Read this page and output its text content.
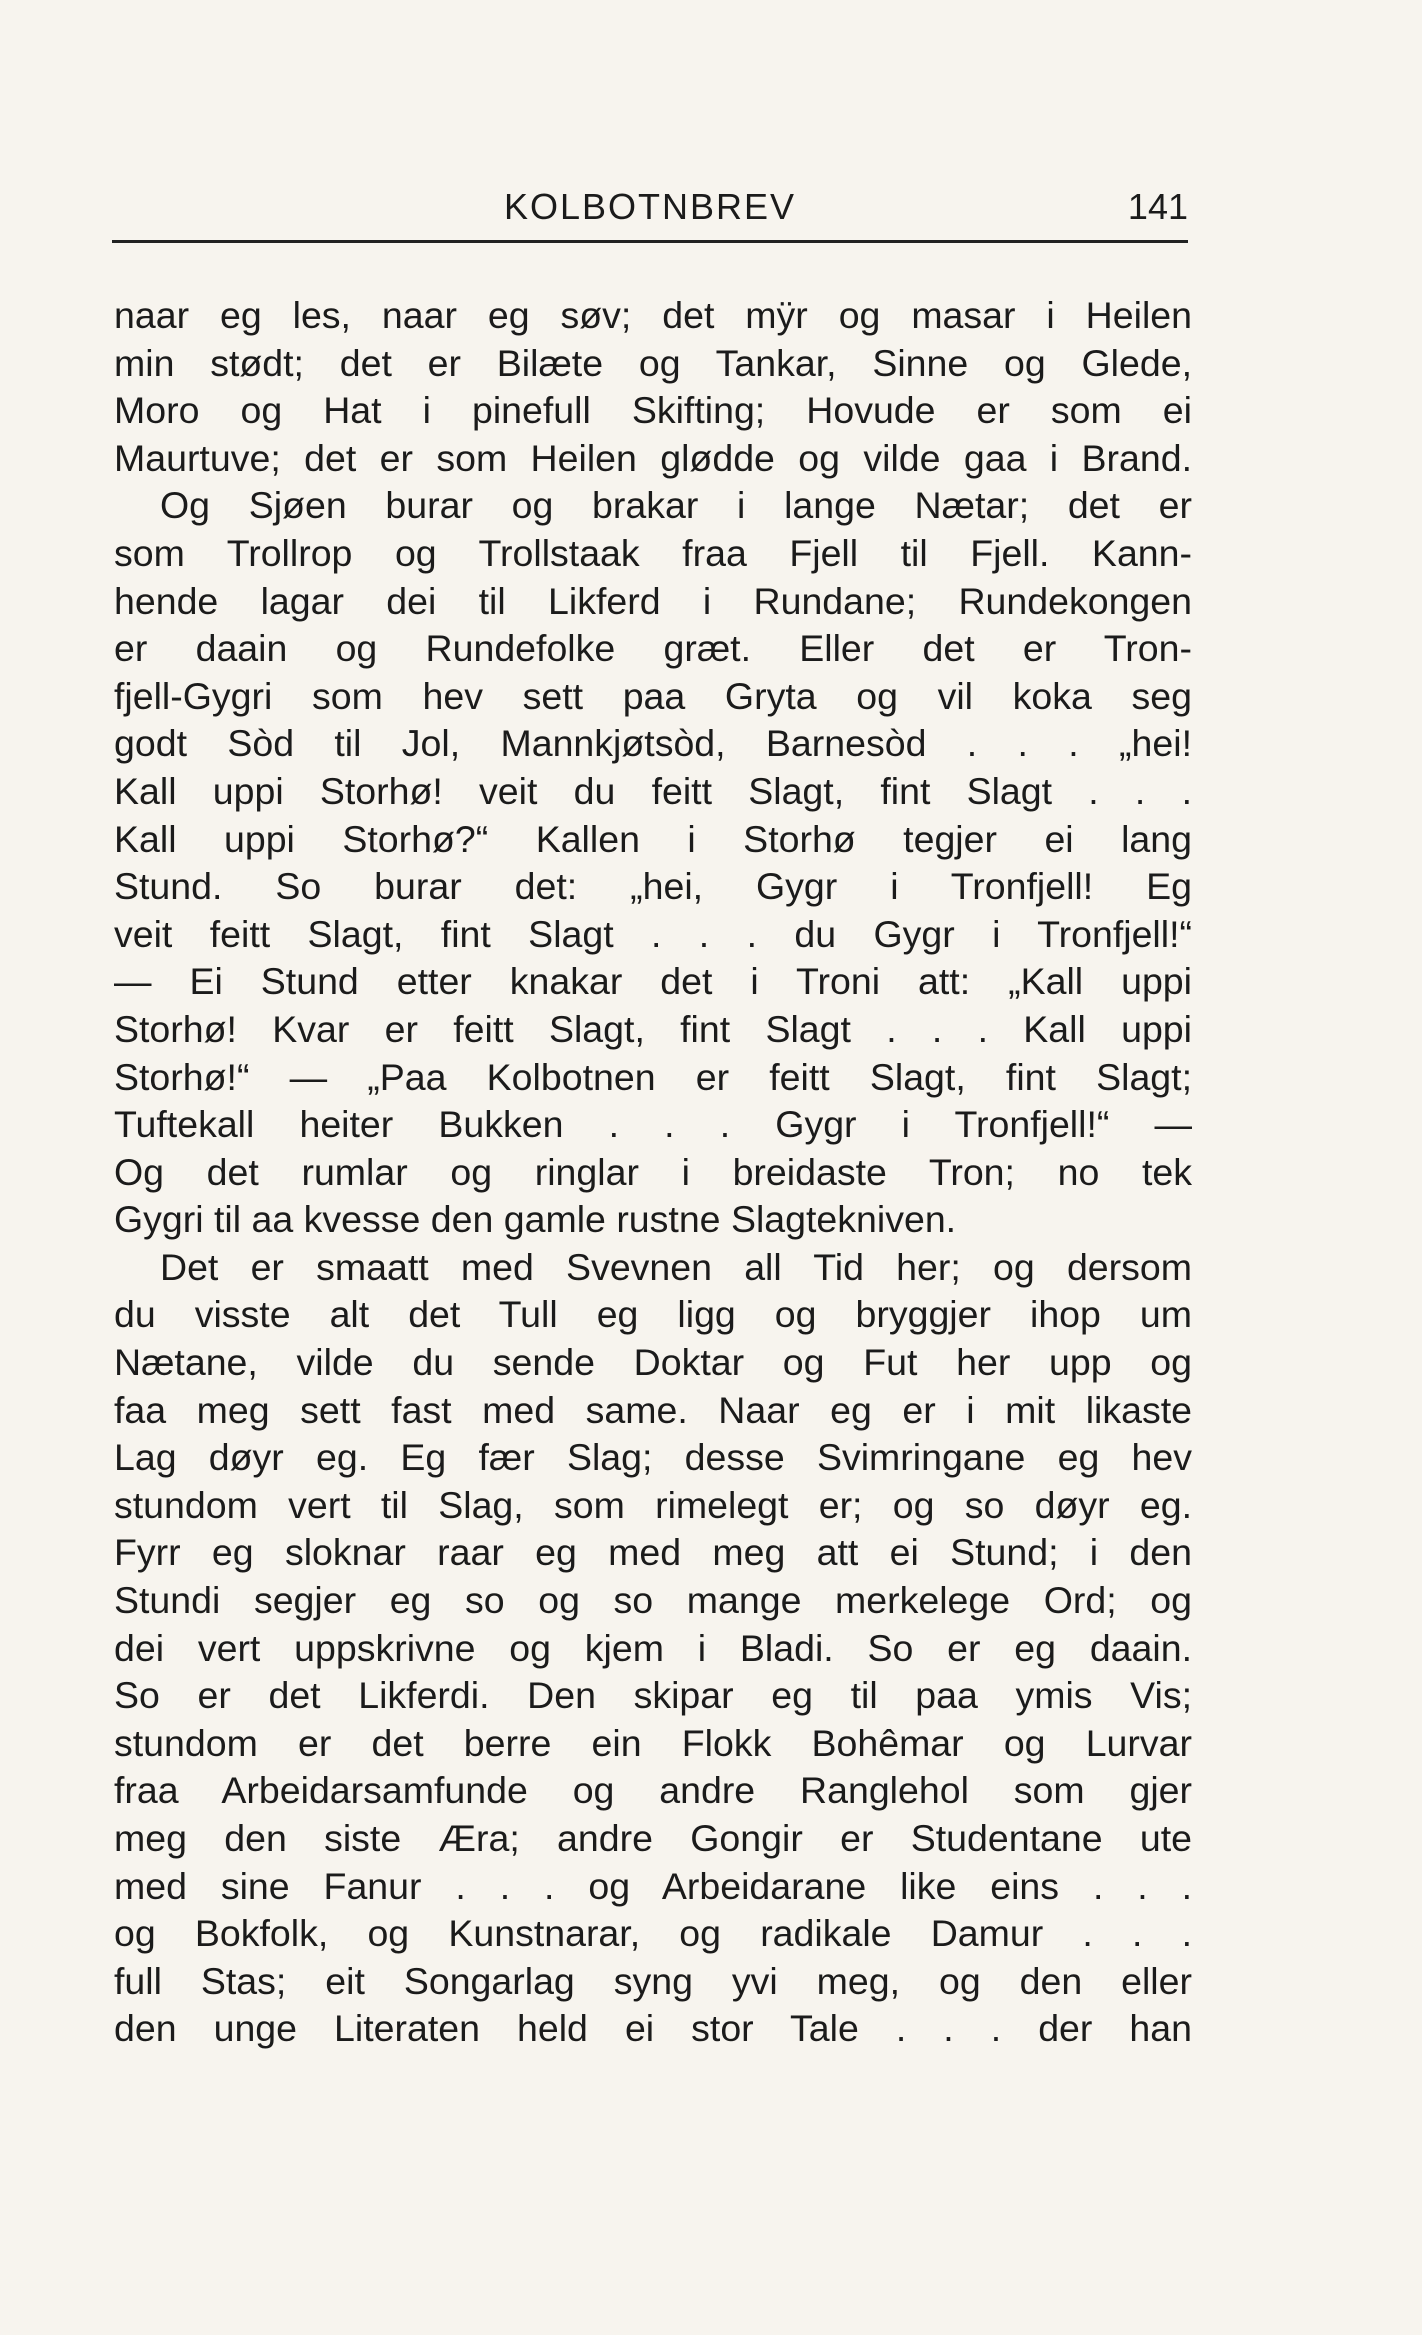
KOLBOTNBREV	141
naar eg les, naar eg søv; det mÿr og masar i Heilen
min stødt; det er Bilæte og Tankar, Sinne og Glede,
Moro og Hat i pinefull Skifting; Hovude er som ei
Maurtuve; det er som Heilen glødde og vilde gaa i Brand.
Og Sjøen burar og brakar i lange Nætar; det er
som Trollrop og Trollstaak fraa Fjell til Fjell. Kann-
hende lagar dei til Likferd i Rundane; Rundekongen
er daain og Rundefolke græt. Eller det er Tron-
fjell-Gygri som hev sett paa Gryta og vil koka seg
godt Sòd til Jol, Mannkjøtsòd, Barnesòd . . . „hei!
Kall uppi Storhø! veit du feitt Slagt, fint Slagt . . .
Kall uppi Storhø?“ Kallen i Storhø tegjer ei lang
Stund. So burar det: „hei, Gygr i Tronfjell! Eg
veit feitt Slagt, fint Slagt . . . du Gygr i Tronfjell!“
— Ei Stund etter knakar det i Troni att: „Kall uppi
Storhø! Kvar er feitt Slagt, fint Slagt . . . Kall uppi
Storhø!“ — „Paa Kolbotnen er feitt Slagt, fint Slagt;
Tuftekall heiter Bukken . . . Gygr i Tronfjell!“ —
Og det rumlar og ringlar i breidaste Tron; no tek
Gygri til aa kvesse den gamle rustne Slagtekniven.
Det er smaatt med Svevnen all Tid her; og dersom
du visste alt det Tull eg ligg og bryggjer ihop um
Nætane, vilde du sende Doktar og Fut her upp og
faa meg sett fast med same. Naar eg er i mit likaste
Lag døyr eg. Eg fær Slag; desse Svimringane eg hev
stundom vert til Slag, som rimelegt er; og so døyr eg.
Fyrr eg sloknar raar eg med meg att ei Stund; i den
Stundi segjer eg so og so mange merkelege Ord; og
dei vert uppskrivne og kjem i Bladi. So er eg daain.
So er det Likferdi. Den skipar eg til paa ymis Vis;
stundom er det berre ein Flokk Bohêmar og Lurvar
fraa Arbeidarsamfunde og andre Ranglehol som gjer
meg den siste Æra; andre Gongir er Studentane ute
med sine Fanur . . . og Arbeidarane like eins . . .
og Bokfolk, og Kunstnarar, og radikale Damur . . .
full Stas; eit Songarlag syng yvi meg, og den eller
den unge Literaten held ei stor Tale . . . der han
